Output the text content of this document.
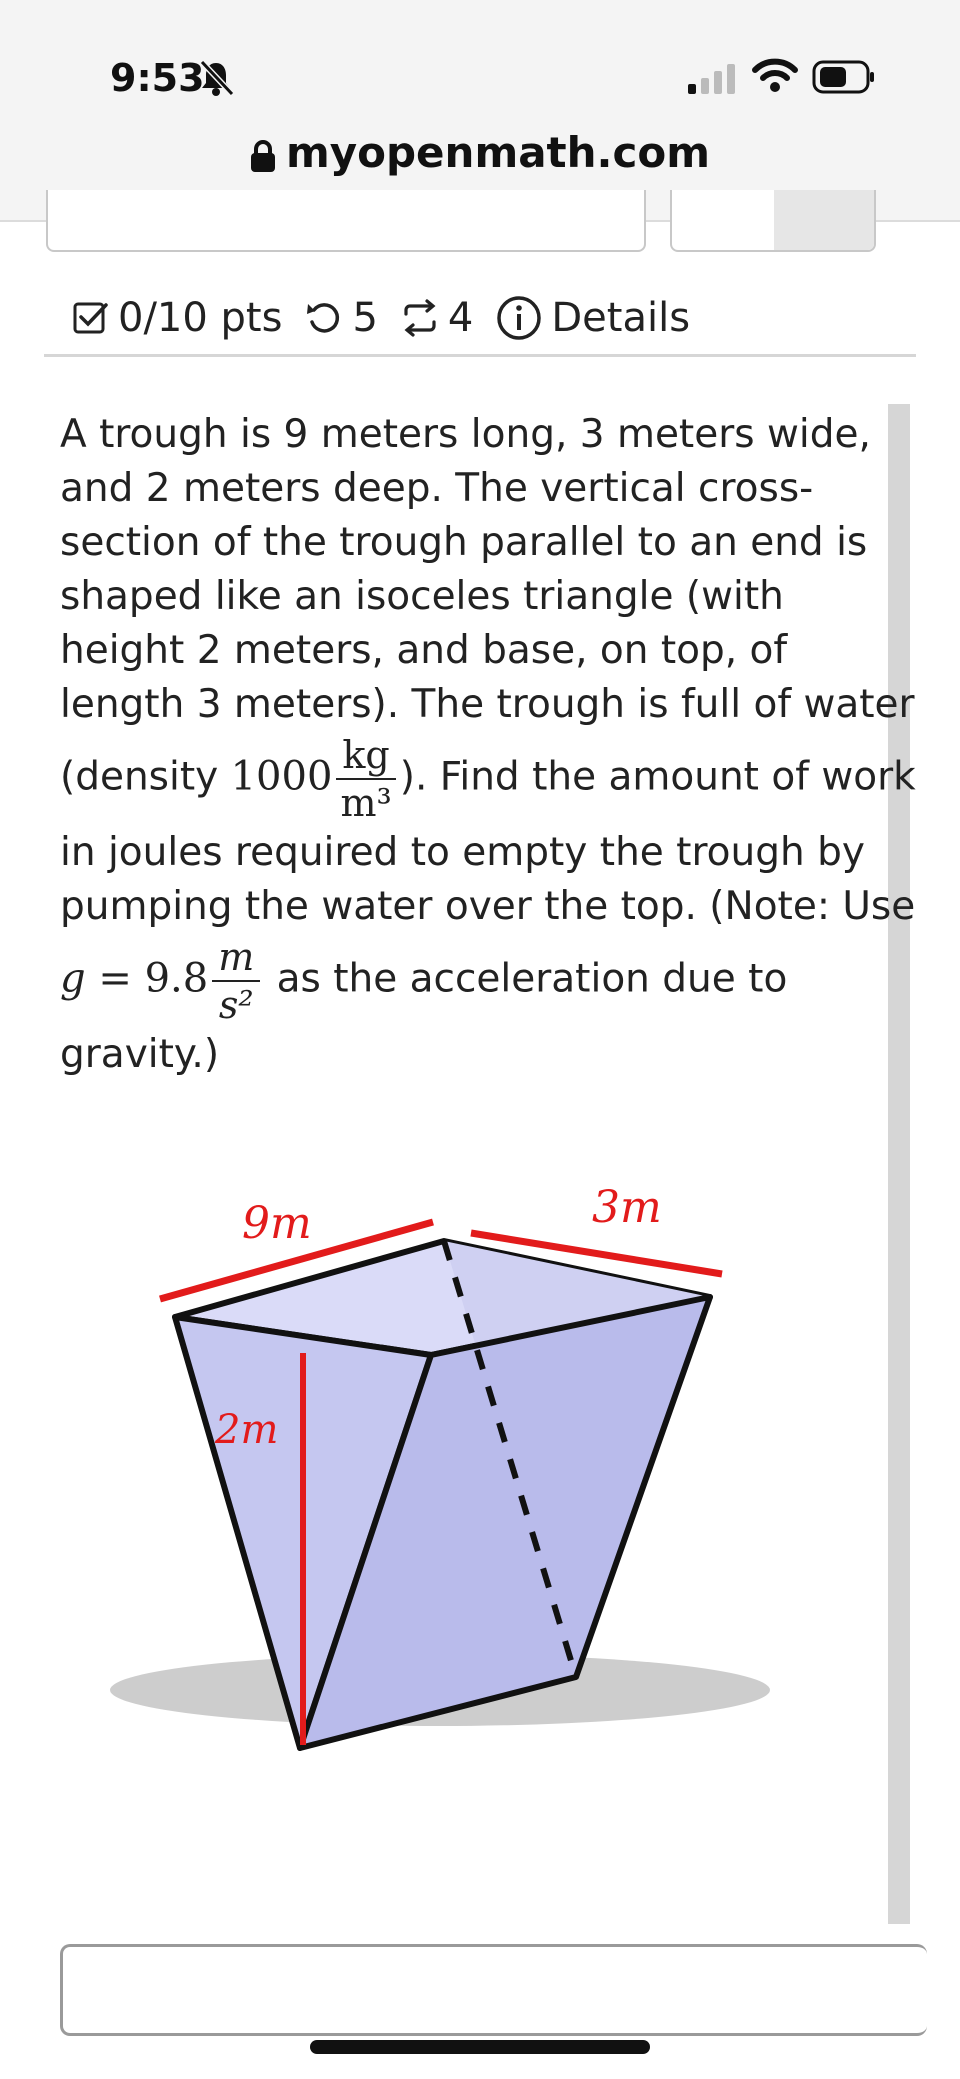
9:53
myopenmath.com
0/10 pts 5 4 Details

A trough is 9 meters long, 3 meters wide, and 2 meters deep. The vertical cross-section of the trough parallel to an end is shaped like an isoceles triangle (with height 2 meters, and base, on top, of length 3 meters). The trough is full of water (density $1000 \frac{kg}{\text{m³}}$ ). Find the amount of work in joules required to empty the trough by pumping the water over the top. (Note: Use $g = 9.8 \frac{m}{\text{s²}}$ as the acceleration due to gravity.)

9m	3m
2m
